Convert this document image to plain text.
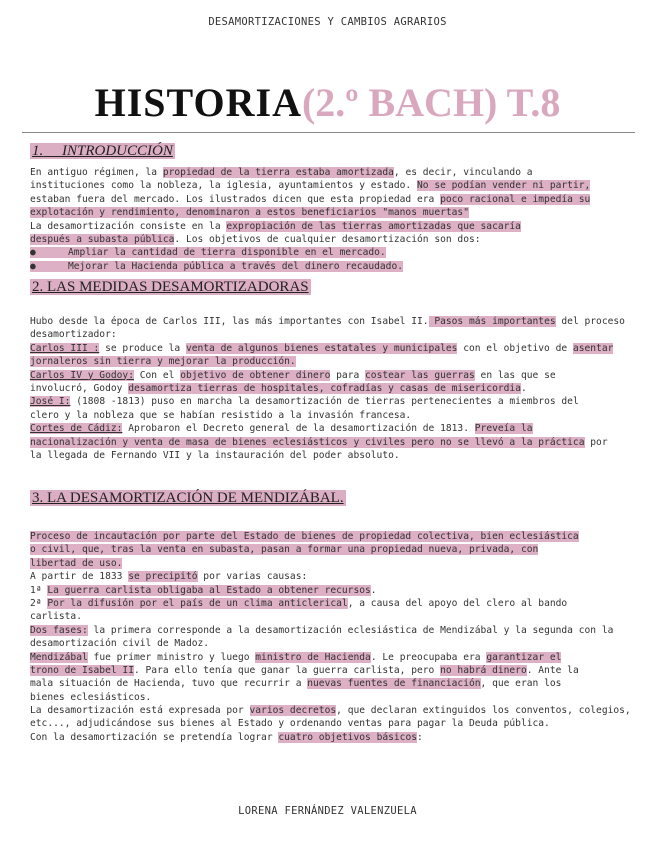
DESAMORTIZACIONES Y CAMBIOS AGRARIOS
HISTORIA(2.º BACH) T.8
1. INTRODUCCIÓN
En antiguo régimen, la propiedad de la tierra estaba amortizada, es decir, vinculando a
instituciones como la nobleza, la iglesia, ayuntamientos y estado. No se podían vender ni partir,
estaban fuera del mercado. Los ilustrados dicen que esta propiedad era poco racional e impedía su
explotación y rendimiento, denominaron a estos beneficiarios "manos muertas"
La desamortización consiste en la expropiación de las tierras amortizadas que sacaría
después a subasta pública. Los objetivos de cualquier desamortización son dos:
●	Ampliar la cantidad de tierra disponible en el mercado.
●	Mejorar la Hacienda pública a través del dinero recaudado.
2. LAS MEDIDAS DESAMORTIZADORAS
Hubo desde la época de Carlos III, las más importantes con Isabel II. Pasos más importantes del proceso
desamortizador:
Carlos III : se produce la venta de algunos bienes estatales y municipales con el objetivo de asentar
jornaleros sin tierra y mejorar la producción.
Carlos IV y Godoy: Con el objetivo de obtener dinero para costear las guerras en las que se
involucró, Godoy desamortiza tierras de hospitales, cofradías y casas de misericordia.
José I: (1808 -1813) puso en marcha la desamortización de tierras pertenecientes a miembros del
clero y la nobleza que se habían resistido a la invasión francesa.
Cortes de Cádiz: Aprobaron el Decreto general de la desamortización de 1813. Preveía la
nacionalización y venta de masa de bienes eclesiásticos y civiles pero no se llevó a la práctica por
la llegada de Fernando VII y la instauración del poder absoluto.
3. LA DESAMORTIZACIÓN DE MENDIZÁBAL.
Proceso de incautación por parte del Estado de bienes de propiedad colectiva, bien eclesiástica
o civil, que, tras la venta en subasta, pasan a formar una propiedad nueva, privada, con
libertad de uso.
A partir de 1833 se precipitó por varias causas:
1ª La guerra carlista obligaba al Estado a obtener recursos.
2ª Por la difusión por el país de un clima anticlerical, a causa del apoyo del clero al bando
carlista.
Dos fases: la primera corresponde a la desamortización eclesiástica de Mendizábal y la segunda con la
desamortización civil de Madoz.
Mendizábal fue primer ministro y luego ministro de Hacienda. Le preocupaba era garantizar el
trono de Isabel II. Para ello tenía que ganar la guerra carlista, pero no habrá dinero. Ante la
mala situación de Hacienda, tuvo que recurrir a nuevas fuentes de financiación, que eran los
bienes eclesiásticos.
La desamortización está expresada por varios decretos, que declaran extinguidos los conventos, colegios,
etc..., adjudicándose sus bienes al Estado y ordenando ventas para pagar la Deuda pública.
Con la desamortización se pretendía lograr cuatro objetivos básicos:
LORENA FERNÁNDEZ VALENZUELA
